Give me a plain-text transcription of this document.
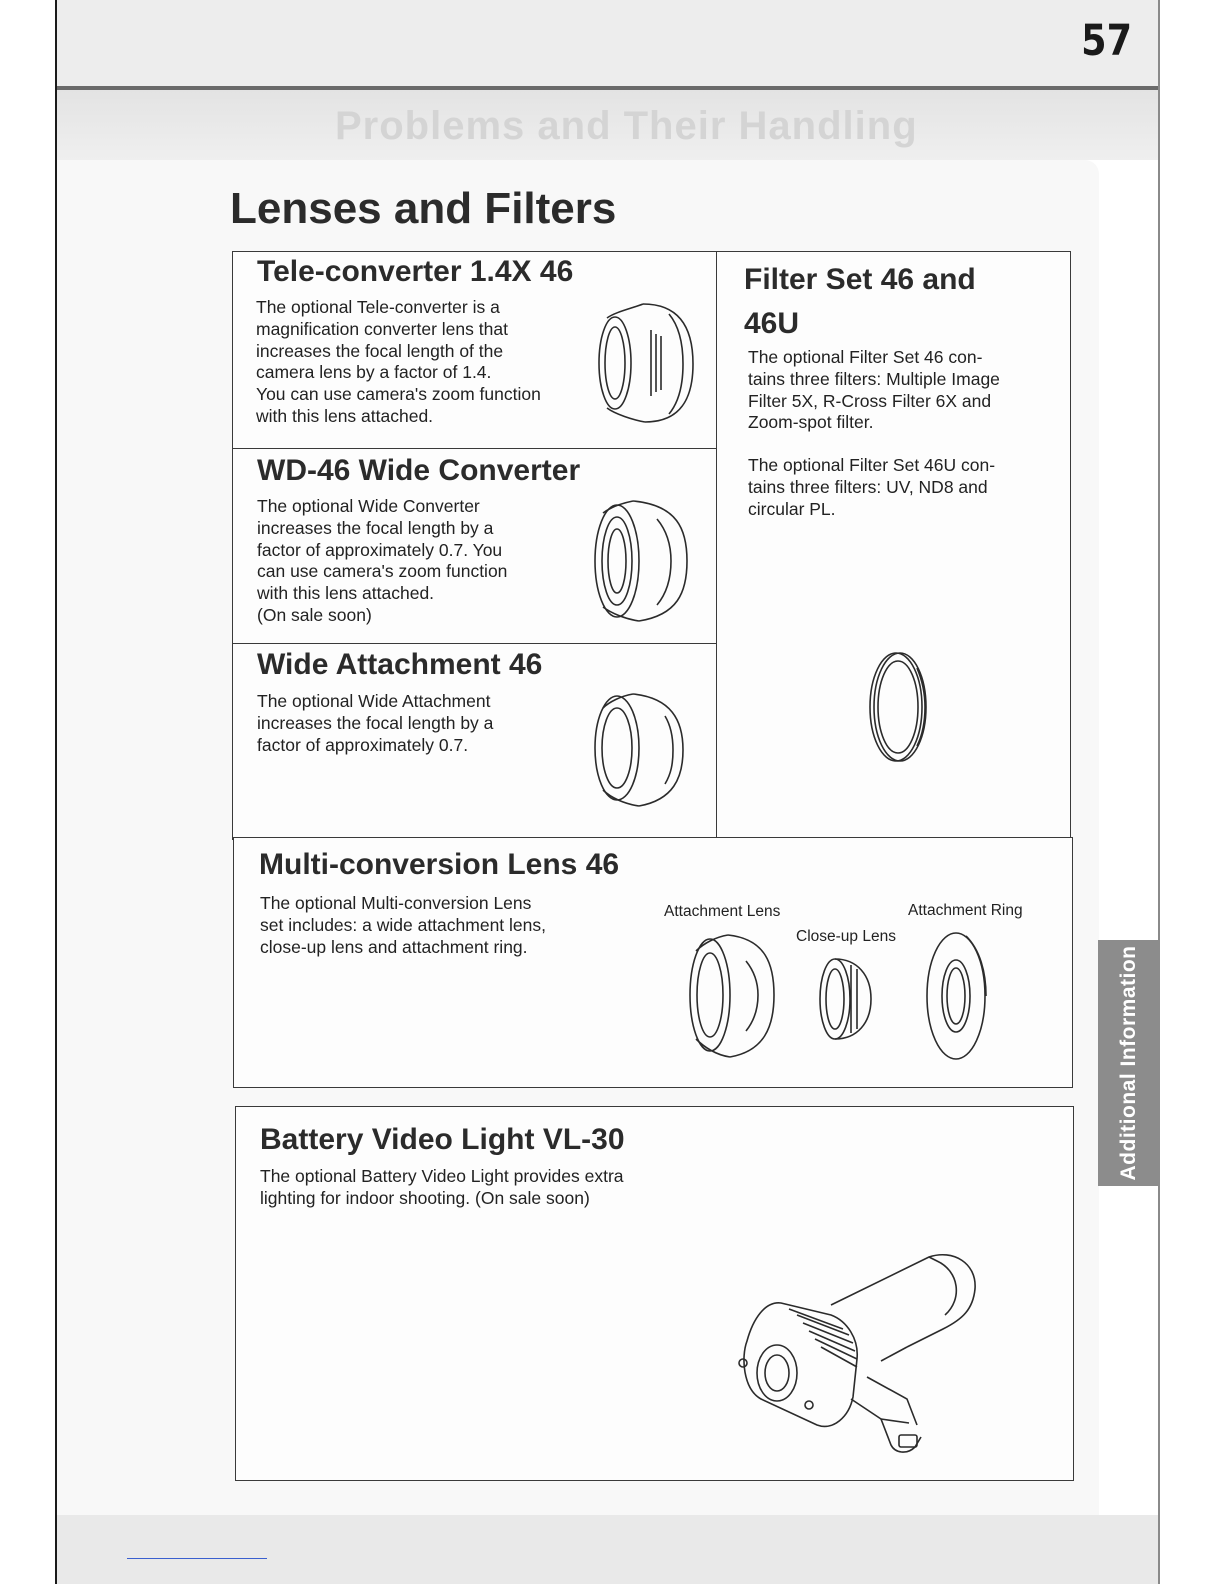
Problems and Their Handling
57
Additional Information
Lenses and Filters
Tele-converter 1.4X 46

The optional Tele-converter is a
magnification converter lens that
increases the focal length of the
camera lens by a factor of 1.4.
You can use camera's zoom function
with this lens attached.

WD-46 Wide Converter

The optional Wide Converter
increases the focal length by a
factor of approximately 0.7. You
can use camera's zoom function
with this lens attached.
(On sale soon)

Wide Attachment 46

The optional Wide Attachment
increases the focal length by a
factor of approximately 0.7.

Filter Set 46 and
46U

The optional Filter Set 46 con-
tains three filters: Multiple Image
Filter 5X, R-Cross Filter 6X and
Zoom-spot filter.

The optional Filter Set 46U con-
tains three filters: UV, ND8 and
circular PL.

Multi-conversion Lens 46

The optional Multi-conversion Lens
set includes: a wide attachment lens,
close-up lens and attachment ring.

Attachment Lens
Close-up Lens
Attachment Ring
Battery Video Light VL-30

The optional Battery Video Light provides extra
lighting for indoor shooting. (On sale soon)
